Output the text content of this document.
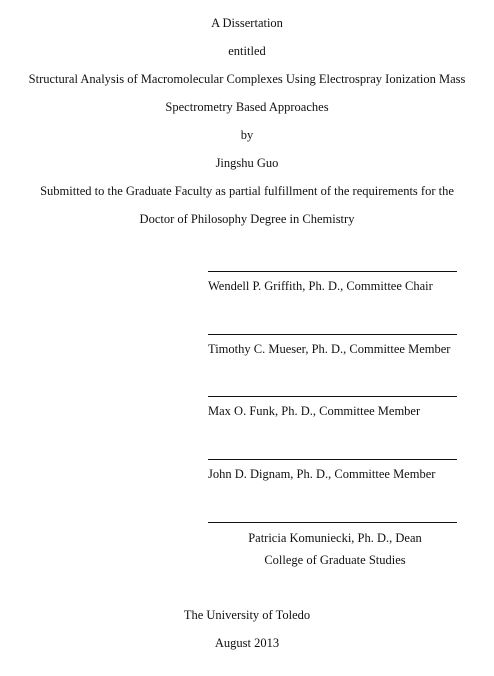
A Dissertation
entitled
Structural Analysis of Macromolecular Complexes Using Electrospray Ionization Mass
Spectrometry Based Approaches
by
Jingshu Guo
Submitted to the Graduate Faculty as partial fulfillment of the requirements for the
Doctor of Philosophy Degree in Chemistry
Wendell P. Griffith, Ph. D., Committee Chair
Timothy C. Mueser, Ph. D., Committee Member
Max O. Funk, Ph. D., Committee Member
John D. Dignam, Ph. D., Committee Member
Patricia Komuniecki, Ph. D., Dean
College of Graduate Studies
The University of Toledo
August 2013
